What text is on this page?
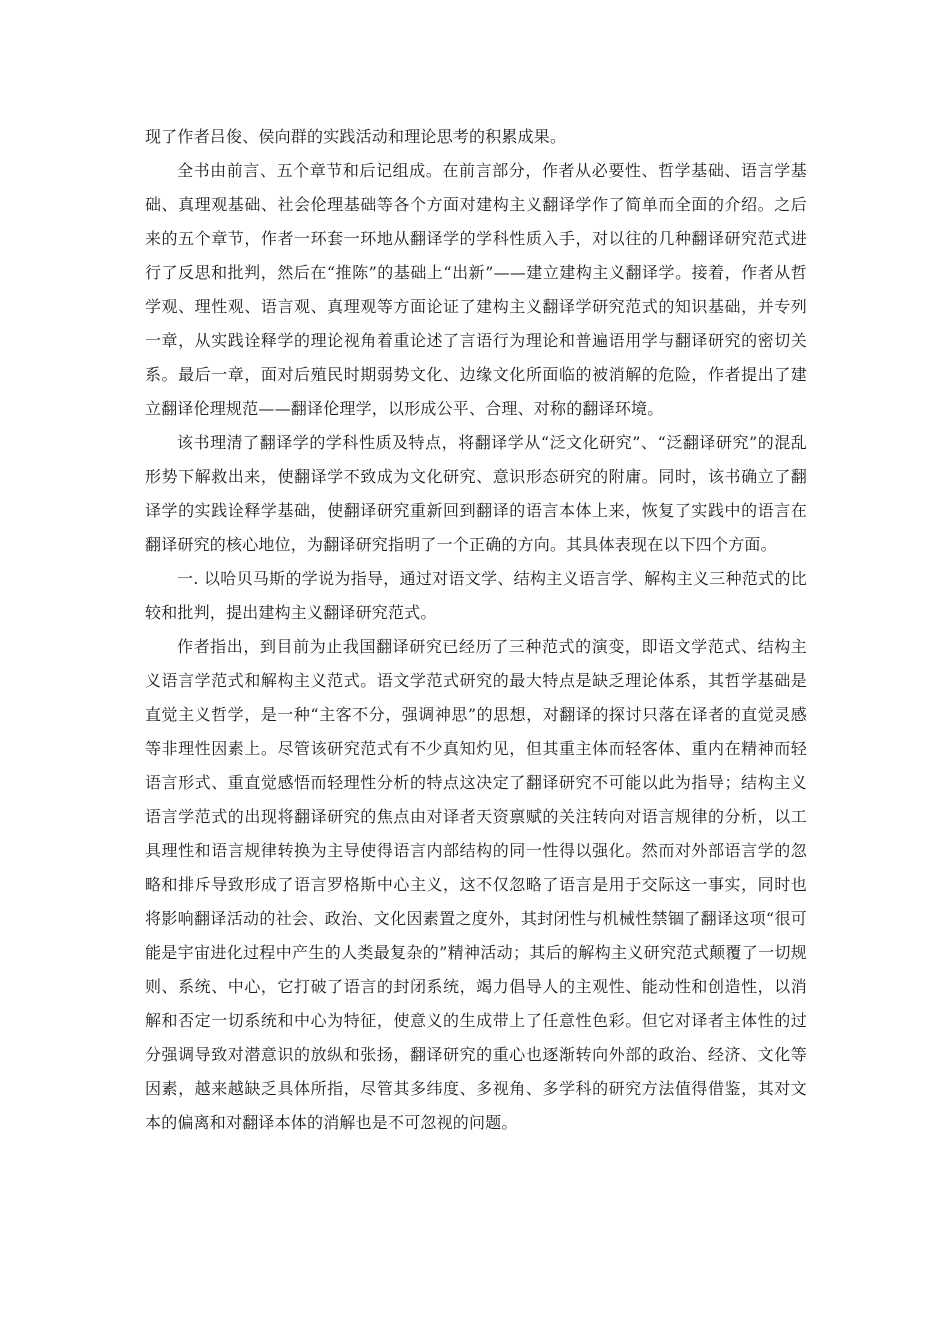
现了作者吕俊、侯向群的实践活动和理论思考的积累成果。

全书由前言、五个章节和后记组成。在前言部分，作者从必要性、哲学基础、语言学基础、真理观基础、社会伦理基础等各个方面对建构主义翻译学作了简单而全面的介绍。之后来的五个章节，作者一环套一环地从翻译学的学科性质入手，对以往的几种翻译研究范式进行了反思和批判，然后在“推陈”的基础上“出新”——建立建构主义翻译学。接着，作者从哲学观、理性观、语言观、真理观等方面论证了建构主义翻译学研究范式的知识基础，并专列一章，从实践诠释学的理论视角着重论述了言语行为理论和普遍语用学与翻译研究的密切关系。最后一章，面对后殖民时期弱势文化、边缘文化所面临的被消解的危险，作者提出了建立翻译伦理规范——翻译伦理学，以形成公平、合理、对称的翻译环境。

该书理清了翻译学的学科性质及特点，将翻译学从“泛文化研究”、“泛翻译研究”的混乱形势下解救出来，使翻译学不致成为文化研究、意识形态研究的附庸。同时，该书确立了翻译学的实践诠释学基础，使翻译研究重新回到翻译的语言本体上来，恢复了实践中的语言在翻译研究的核心地位，为翻译研究指明了一个正确的方向。其具体表现在以下四个方面。

一. 以哈贝马斯的学说为指导，通过对语文学、结构主义语言学、解构主义三种范式的比较和批判，提出建构主义翻译研究范式。

作者指出，到目前为止我国翻译研究已经历了三种范式的演变，即语文学范式、结构主义语言学范式和解构主义范式。语文学范式研究的最大特点是缺乏理论体系，其哲学基础是直觉主义哲学，是一种“主客不分，强调神思”的思想，对翻译的探讨只落在译者的直觉灵感等非理性因素上。尽管该研究范式有不少真知灼见，但其重主体而轻客体、重内在精神而轻语言形式、重直觉感悟而轻理性分析的特点这决定了翻译研究不可能以此为指导；结构主义语言学范式的出现将翻译研究的焦点由对译者天资禀赋的关注转向对语言规律的分析，以工具理性和语言规律转换为主导使得语言内部结构的同一性得以强化。然而对外部语言学的忽略和排斥导致形成了语言罗格斯中心主义，这不仅忽略了语言是用于交际这一事实，同时也将影响翻译活动的社会、政治、文化因素置之度外，其封闭性与机械性禁锢了翻译这项“很可能是宇宙进化过程中产生的人类最复杂的”精神活动；其后的解构主义研究范式颠覆了一切规则、系统、中心，它打破了语言的封闭系统，竭力倡导人的主观性、能动性和创造性，以消解和否定一切系统和中心为特征，使意义的生成带上了任意性色彩。但它对译者主体性的过分强调导致对潜意识的放纵和张扬，翻译研究的重心也逐渐转向外部的政治、经济、文化等因素，越来越缺乏具体所指，尽管其多纬度、多视角、多学科的研究方法值得借鉴，其对文本的偏离和对翻译本体的消解也是不可忽视的问题。
